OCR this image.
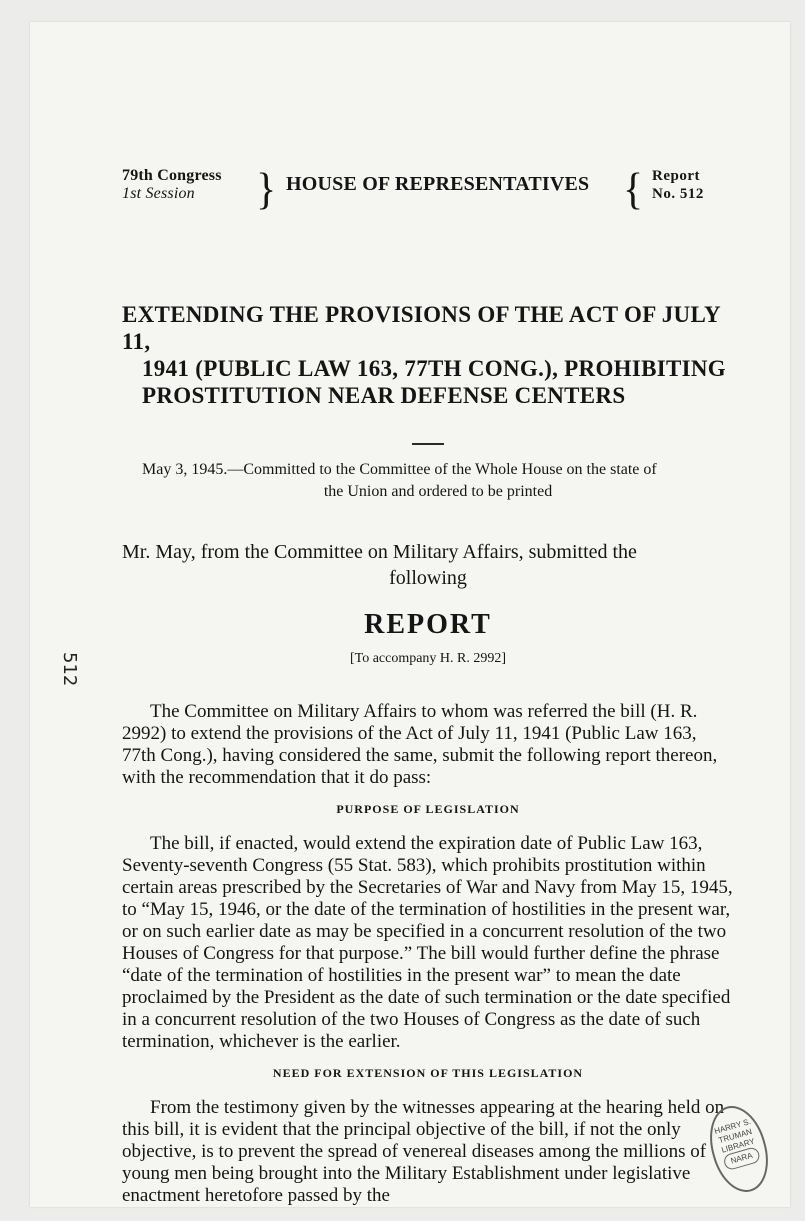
512
79th Congress
1st Session	} HOUSE OF REPRESENTATIVES { Report
No. 512
EXTENDING THE PROVISIONS OF THE ACT OF JULY 11,
1941 (PUBLIC LAW 163, 77TH CONG.), PROHIBITING
PROSTITUTION NEAR DEFENSE CENTERS
May 3, 1945.—Committed to the Committee of the Whole House on the state of
the Union and ordered to be printed
Mr. May, from the Committee on Military Affairs, submitted the
following
REPORT
[To accompany H. R. 2992]

The Committee on Military Affairs to whom was referred the bill (H. R. 2992) to extend the provisions of the Act of July 11, 1941 (Public Law 163, 77th Cong.), having considered the same, submit the following report thereon, with the recommendation that it do pass:

PURPOSE OF LEGISLATION

The bill, if enacted, would extend the expiration date of Public Law 163, Seventy-seventh Congress (55 Stat. 583), which prohibits prostitution within certain areas prescribed by the Secretaries of War and Navy from May 15, 1945, to “May 15, 1946, or the date of the termination of hostilities in the present war, or on such earlier date as may be specified in a concurrent resolution of the two Houses of Congress for that purpose.” The bill would further define the phrase “date of the termination of hostilities in the present war” to mean the date proclaimed by the President as the date of such termination or the date specified in a concurrent resolution of the two Houses of Congress as the date of such termination, whichever is the earlier.

NEED FOR EXTENSION OF THIS LEGISLATION

From the testimony given by the witnesses appearing at the hearing held on this bill, it is evident that the principal objective of the bill, if not the only objective, is to prevent the spread of venereal diseases among the millions of young men being brought into the Military Establishment under legislative enactment heretofore passed by the

HARRY S. TRUMAN LIBRARY
NARA
